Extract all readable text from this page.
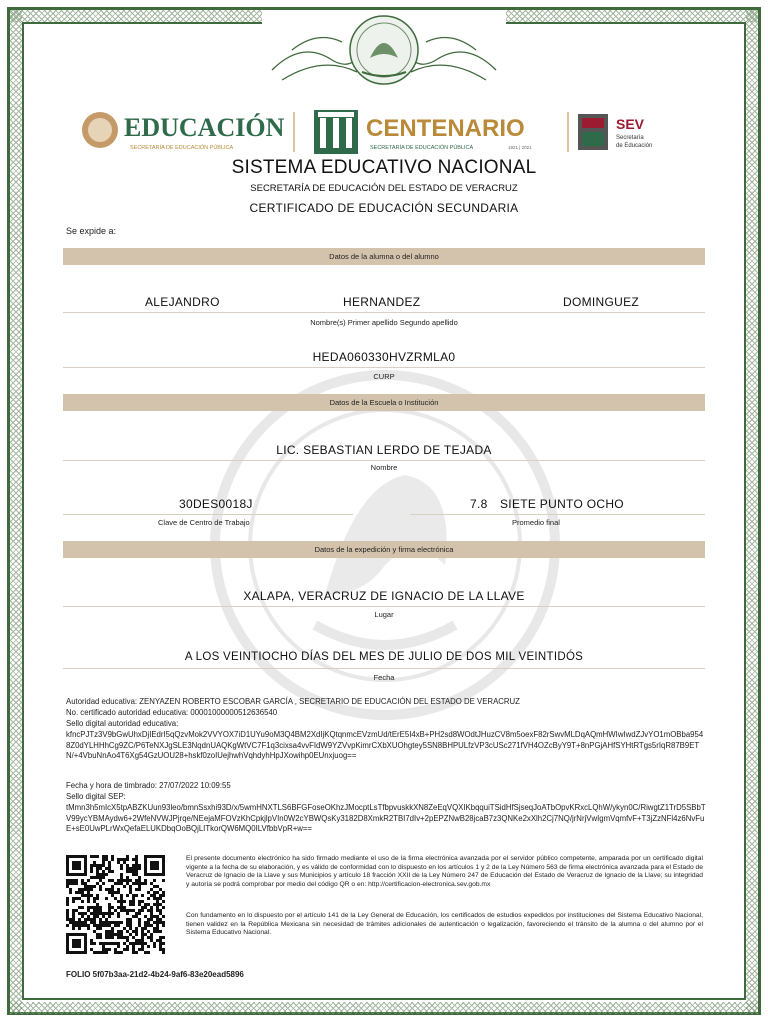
EDUCACIÓN
SECRETARÍA DE EDUCACIÓN PÚBLICA
CENTENARIO
SECRETARÍA DE EDUCACIÓN PÚBLICA	1921 | 2021
SEV
Secretaría
de Educación
SISTEMA EDUCATIVO NACIONAL
SECRETARÍA DE EDUCACIÓN DEL ESTADO DE VERACRUZ
CERTIFICADO DE EDUCACIÓN SECUNDARIA
Se expide a:
Datos de la alumna o del alumno
ALEJANDRO	HERNANDEZ	DOMINGUEZ
Nombre(s) Primer apellido Segundo apellido
HEDA060330HVZRMLA0
CURP
Datos de la Escuela o Institución
LIC. SEBASTIAN LERDO DE TEJADA
Nombre
30DES0018J
Clave de Centro de Trabajo
7.8 SIETE PUNTO OCHO
Promedio final
Datos de la expedición y firma electrónica
XALAPA, VERACRUZ DE IGNACIO DE LA LLAVE
Lugar
A LOS VEINTIOCHO DÍAS DEL MES DE JULIO DE DOS MIL VEINTIDÓS
Fecha
Autoridad educativa: ZENYAZEN ROBERTO ESCOBAR GARCÍA , SECRETARIO DE EDUCACIÓN DEL ESTADO DE VERACRUZ
No. certificado autoridad educativa: 00001000000512636540
Sello digital autoridad educativa:
kfncPJTz3V9bGwUhxDjIEdrI5qQzvMok2VVYOX7iD1UYu9oM3Q4BM2XdIjKQtqnmcEVzmUd/tErE5I4xB+PH2sd8WOdtJHuzCV8m5oexF82rSwvMLDqAQmHWIwIwdZJvYO1mOBba9548Z0dYLHHhCg9ZC/P6TeNXJgSLE3NqdnUAQKgWtVC7F1q3cixsa4vvFIdW9YZVvpKimrCXbXUOhgtey5SN8BHPULfzVP3cUSc271fVH4OZcByY9T+8nPGjAHfSYHtRTgs5rIqR87B9ETN/+4VbuNnAo4T6Xg54GzUOU28+hskf0zoIUejhwhVqhdyhHpJXowihp0EUnxjuog==
Fecha y hora de timbrado: 27/07/2022 10:09:55
Sello digital SEP:
tMmn3h5mIcX5tpABZKUun93leo/bmnSsxhi93D/x/5wmHNXTLS6BFGFoseOKhzJMocptLsTfbpvuskkXN8ZeEqVQXIKbqquiTSidHfSjseqJoATbOpvKRxcLQhW/ykyn0C/RiwgtZ1TrD5SBbTV99ycYBMAydw6+2WfeNVWJPjrqe/NEejaMFOVzKhCpkjlpVIn0W2cYBWQsKy3182D8XmkR2TBI7dIv+2pEPZNwB28jcaB7z3QNKe2xXlh2Cj7NQ/jrNrjVwIgmVqmfvF+T3jZzNFl4z6NvFuE+sE0UwPLrWxQefaELUKDbqOoBQjLITkorQW6MQ0ILVfbbVpR+w==
El presente documento electrónico ha sido firmado mediante el uso de la firma electrónica avanzada por el servidor público competente, amparada por un certificado digital vigente a la fecha de su elaboración, y es válido de conformidad con lo dispuesto en los artículos 1 y 2 de la Ley Número 563 de firma electrónica avanzada para el Estado de Veracruz de Ignacio de la Llave y sus Municipios y artículo 18 fracción XXII de la Ley Número 247 de Educación del Estado de Veracruz de Ignacio de la Llave; su integridad y autoría se podrá comprobar por medio del código QR o en: http://certificacion-electronica.sev.gob.mx
Con fundamento en lo dispuesto por el artículo 141 de la Ley General de Educación, los certificados de estudios expedidos por instituciones del Sistema Educativo Nacional, tienen validez en la República Mexicana sin necesidad de trámites adicionales de autenticación o legalización, favoreciendo el tránsito de la alumna o del alumno por el Sistema Educativo Nacional.
FOLIO 5f07b3aa-21d2-4b24-9af6-83e20ead5896
